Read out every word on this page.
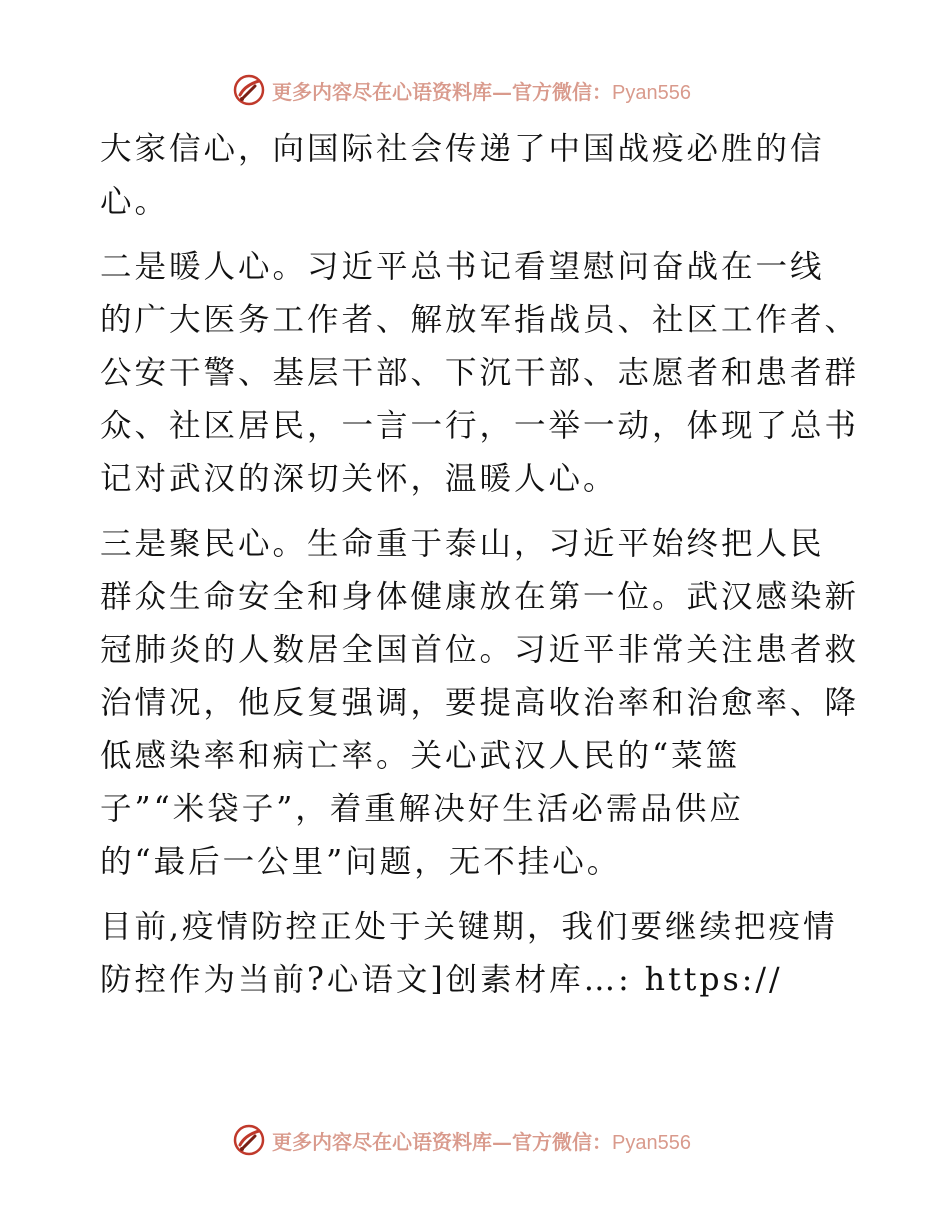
更多内容尽在心语资料库—官方微信：Pyan556

大家信心，向国际社会传递了中国战疫必胜的信
心。

二是暖人心。习近平总书记看望慰问奋战在一线
的广大医务工作者、解放军指战员、社区工作者、
公安干警、基层干部、下沉干部、志愿者和患者群
众、社区居民，一言一行，一举一动，体现了总书
记对武汉的深切关怀，温暖人心。

三是聚民心。生命重于泰山，习近平始终把人民
群众生命安全和身体健康放在第一位。武汉感染新
冠肺炎的人数居全国首位。习近平非常关注患者救
治情况，他反复强调，要提高收治率和治愈率、降
低感染率和病亡率。关心武汉人民的“菜篮
子”“米袋子”，着重解决好生活必需品供应
的“最后一公里”问题，无不挂心。

目前,疫情防控正处于关键期，我们要继续把疫情
防控作为当前?心语文]创素材库…: https://

更多内容尽在心语资料库—官方微信：Pyan556
